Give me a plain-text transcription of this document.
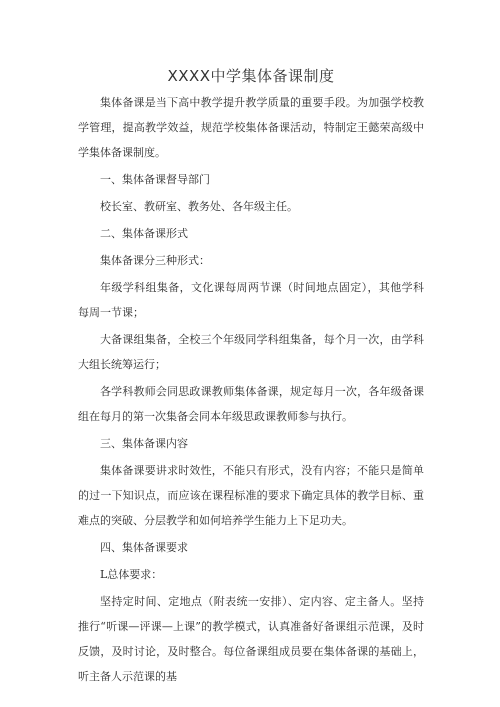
XXXX中学集体备课制度

集体备课是当下高中教学提升教学质量的重要手段。为加强学校教学管理，提高教学效益，规范学校集体备课活动，特制定王懿荣高级中学集体备课制度。

一、集体备课督导部门

校长室、教研室、教务处、各年级主任。

二、集体备课形式

集体备课分三种形式：

年级学科组集备，文化课每周两节课（时间地点固定），其他学科每周一节课；

大备课组集备，全校三个年级同学科组集备，每个月一次，由学科大组长统筹运行；

各学科教师会同思政课教师集体备课，规定每月一次，各年级备课组在每月的第一次集备会同本年级思政课教师参与执行。

三、集体备课内容

集体备课要讲求时效性，不能只有形式，没有内容；不能只是简单的过一下知识点，而应该在课程标准的要求下确定具体的教学目标、重难点的突破、分层教学和如何培养学生能力上下足功夫。

四、集体备课要求

L总体要求：

坚持定时间、定地点（附表统一安排）、定内容、定主备人。坚持推行“听课—评课—上课”的教学模式，认真准备好备课组示范课，及时反馈，及时讨论，及时整合。每位备课组成员要在集体备课的基础上，听主备人示范课的基
